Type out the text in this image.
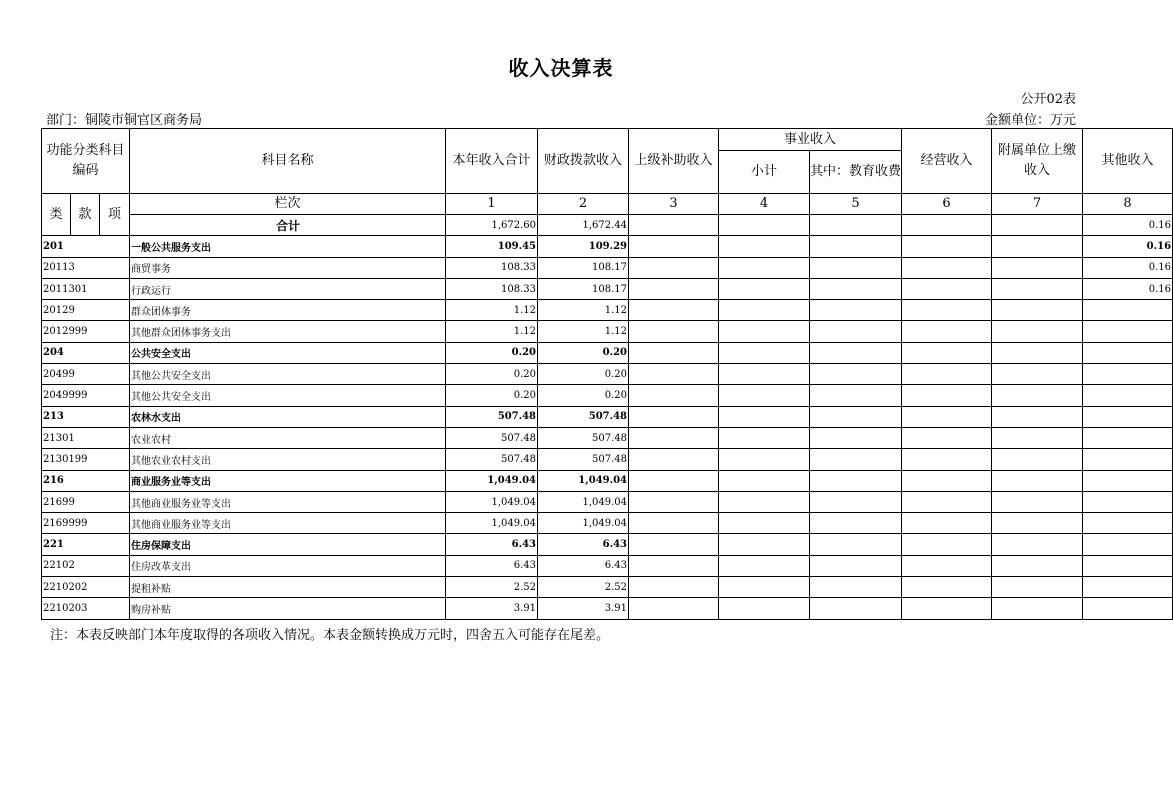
收入决算表
公开02表
部门：铜陵市铜官区商务局	金额单位：万元
功能分类科目编码			科目名称	本年收入合计	财政拨款收入	上级补助收入	事业收入		经营收入	附属单位上缴收入	其他收入
							小计	其中：教育收费			
类	款	项	栏次	1	2	3	4	5	6	7	8
			合计	1,672.60	1,672.44						0.16
201			一般公共服务支出	109.45	109.29						0.16
20113			商贸事务	108.33	108.17						0.16
2011301			行政运行	108.33	108.17						0.16
20129			群众团体事务	1.12	1.12						
2012999			其他群众团体事务支出	1.12	1.12						
204			公共安全支出	0.20	0.20						
20499			其他公共安全支出	0.20	0.20						
2049999			其他公共安全支出	0.20	0.20						
213			农林水支出	507.48	507.48						
21301			农业农村	507.48	507.48						
2130199			其他农业农村支出	507.48	507.48						
216			商业服务业等支出	1,049.04	1,049.04						
21699			其他商业服务业等支出	1,049.04	1,049.04						
2169999			其他商业服务业等支出	1,049.04	1,049.04						
221			住房保障支出	6.43	6.43						
22102			住房改革支出	6.43	6.43						
2210202			提租补贴	2.52	2.52						
2210203			购房补贴	3.91	3.91						
注：本表反映部门本年度取得的各项收入情况。本表金额转换成万元时，四舍五入可能存在尾差。
